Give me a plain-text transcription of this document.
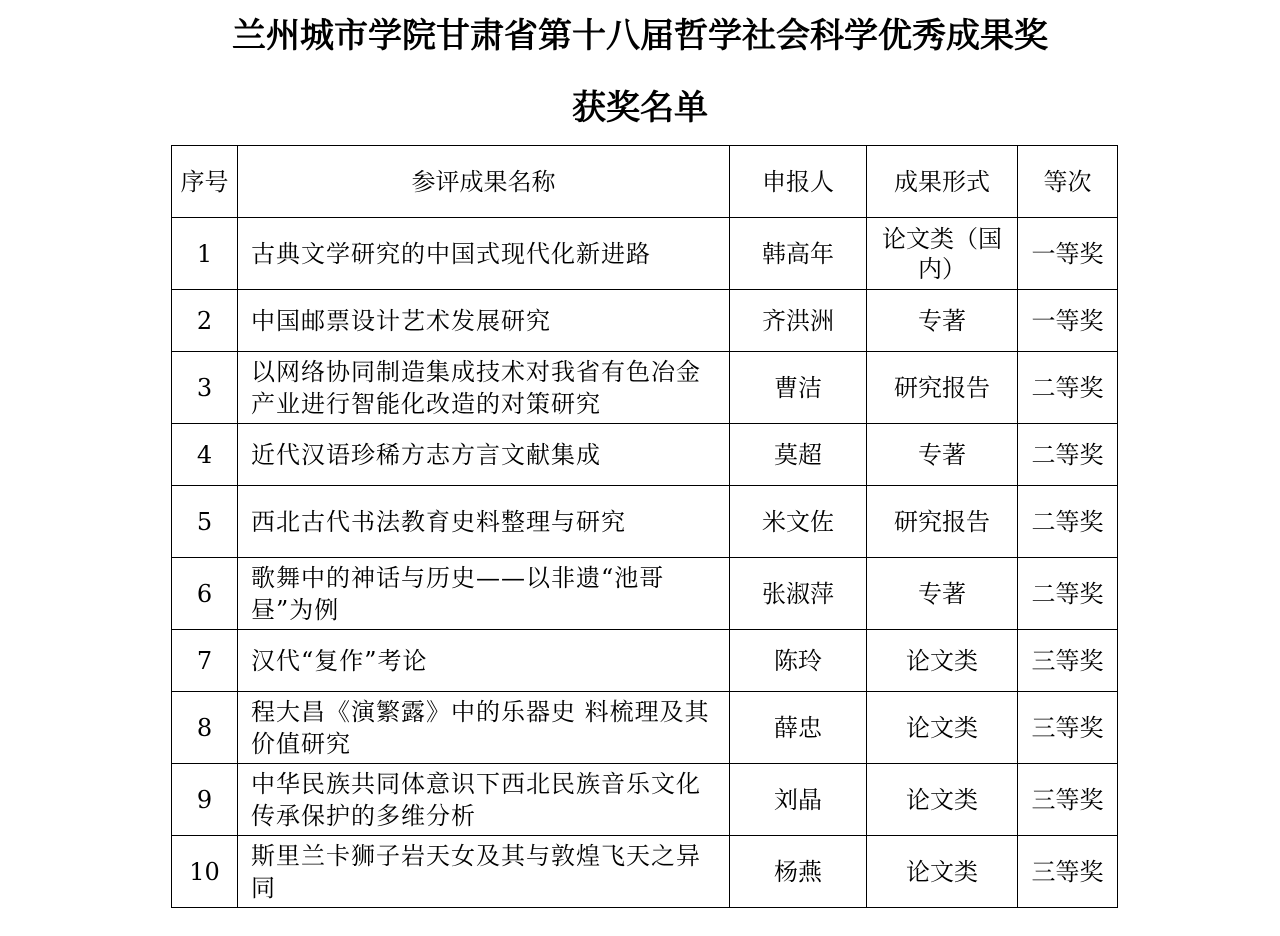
兰州城市学院甘肃省第十八届哲学社会科学优秀成果奖
获奖名单
序号	参评成果名称	申报人	成果形式	等次
1	古典文学研究的中国式现代化新进路	韩高年	论文类（国内）	一等奖
2	中国邮票设计艺术发展研究	齐洪洲	专著	一等奖
3	以网络协同制造集成技术对我省有色冶金产业进行智能化改造的对策研究	曹洁	研究报告	二等奖
4	近代汉语珍稀方志方言文献集成	莫超	专著	二等奖
5	西北古代书法教育史料整理与研究	米文佐	研究报告	二等奖
6	歌舞中的神话与历史——以非遗“池哥昼”为例	张淑萍	专著	二等奖
7	汉代“复作”考论	陈玲	论文类	三等奖
8	程大昌《演繁露》中的乐器史 料梳理及其价值研究	薛忠	论文类	三等奖
9	中华民族共同体意识下西北民族音乐文化传承保护的多维分析	刘晶	论文类	三等奖
10	斯里兰卡狮子岩天女及其与敦煌飞天之异同	杨燕	论文类	三等奖
